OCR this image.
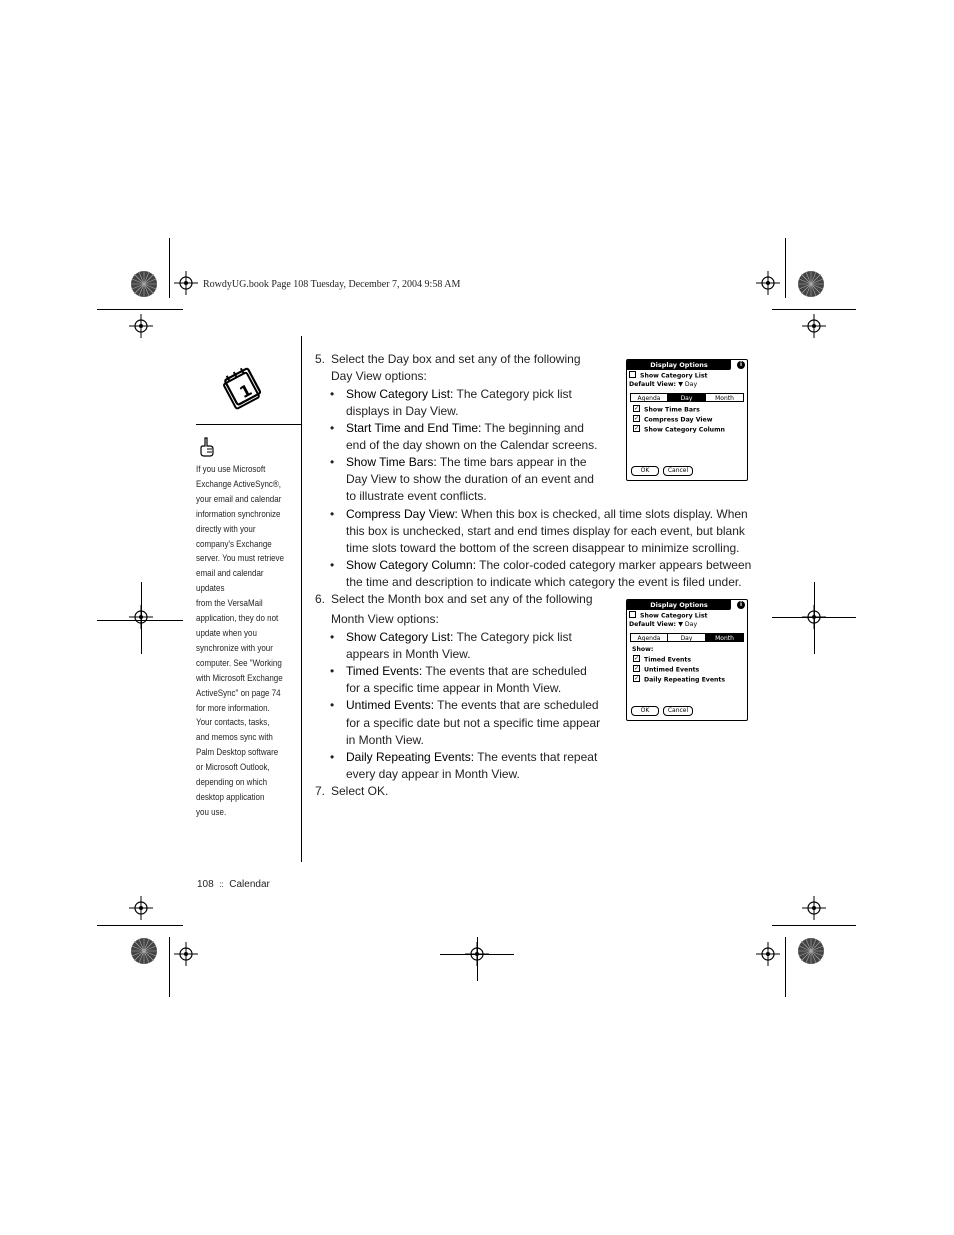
RowdyUG.book Page 108 Tuesday, December 7, 2004 9:58 AM
1
If you use Microsoft
Exchange ActiveSync®,
your email and calendar
information synchronize
directly with your
company's Exchange
server. You must retrieve
email and calendar updates
from the VersaMail
application, they do not
update when you
synchronize with your
computer. See "Working
with Microsoft Exchange
ActiveSync" on page 74
for more information.
Your contacts, tasks,
and memos sync with
Palm Desktop software
or Microsoft Outlook,
depending on which
desktop application
you use.
5. Select the Day box and set any of the following
Day View options:
• Show Category List: The Category pick list
displays in Day View.
• Start Time and End Time: The beginning and
end of the day shown on the Calendar screens.
• Show Time Bars: The time bars appear in the
Day View to show the duration of an event and
to illustrate event conflicts.
• Compress Day View: When this box is checked, all time slots display. When
this box is unchecked, start and end times display for each event, but blank
time slots toward the bottom of the screen disappear to minimize scrolling.
• Show Category Column: The color-coded category marker appears between
the time and description to indicate which category the event is filed under.
6. Select the Month box and set any of the following
Month View options:
• Show Category List: The Category pick list
appears in Month View.
• Timed Events: The events that are scheduled
for a specific time appear in Month View.
• Untimed Events: The events that are scheduled
for a specific date but not a specific time appear
in Month View.
• Daily Repeating Events: The events that repeat
every day appear in Month View.
7. Select OK.
Display Options	i
Show Category List
Default View: ▼ Day
Agenda	Day	Month
✓ Show Time Bars
✓ Compress Day View
✓ Show Category Column
OK	Cancel
Display Options	i
Show Category List
Default View: ▼ Day
Agenda	Day	Month
Show:
✓ Timed Events
✓ Untimed Events
✓ Daily Repeating Events
OK	Cancel
108 :: Calendar
